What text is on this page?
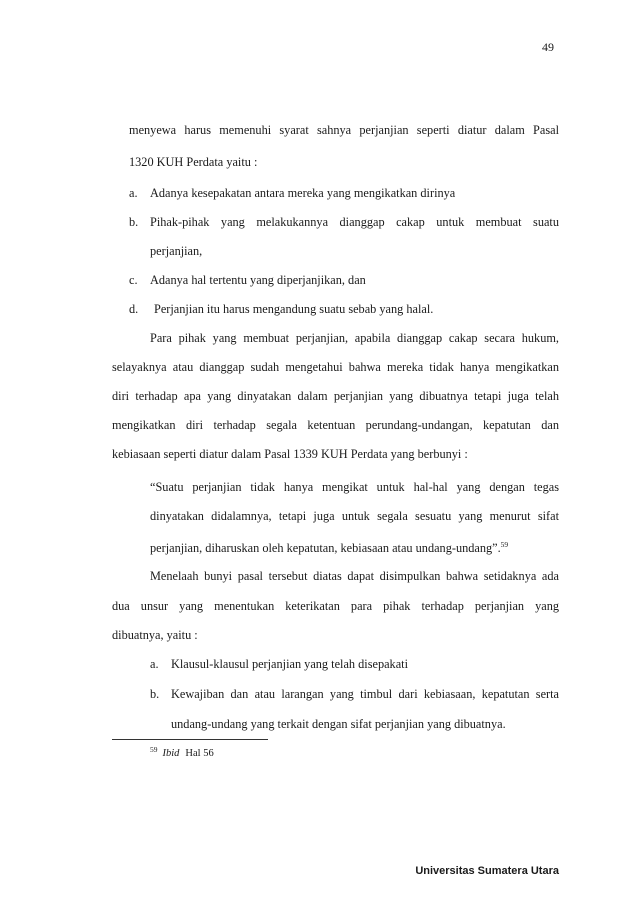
49
menyewa harus memenuhi syarat sahnya perjanjian seperti diatur dalam Pasal
1320 KUH Perdata yaitu :
a. Adanya kesepakatan antara mereka yang mengikatkan dirinya
b. Pihak-pihak yang melakukannya dianggap cakap untuk membuat suatu
perjanjian,
c. Adanya hal tertentu yang diperjanjikan, dan
d. Perjanjian itu harus mengandung suatu sebab yang halal.
Para pihak yang membuat perjanjian, apabila dianggap cakap secara hukum,
selayaknya atau dianggap sudah mengetahui bahwa mereka tidak hanya mengikatkan
diri terhadap apa yang dinyatakan dalam perjanjian yang dibuatnya tetapi juga telah
mengikatkan diri terhadap segala ketentuan perundang-undangan, kepatutan dan
kebiasaan seperti diatur dalam Pasal 1339 KUH Perdata yang berbunyi :
“Suatu perjanjian tidak hanya mengikat untuk hal-hal yang dengan tegas
dinyatakan didalamnya, tetapi juga untuk segala sesuatu yang menurut sifat
perjanjian, diharuskan oleh kepatutan, kebiasaan atau undang-undang”.$^{59}$
Menelaah bunyi pasal tersebut diatas dapat disimpulkan bahwa setidaknya ada
dua unsur yang menentukan keterikatan para pihak terhadap perjanjian yang
dibuatnya, yaitu :
a. Klausul-klausul perjanjian yang telah disepakati
b. Kewajiban dan atau larangan yang timbul dari kebiasaan, kepatutan serta
undang-undang yang terkait dengan sifat perjanjian yang dibuatnya.
$^{59}$ Ibid Hal 56
Universitas Sumatera Utara
